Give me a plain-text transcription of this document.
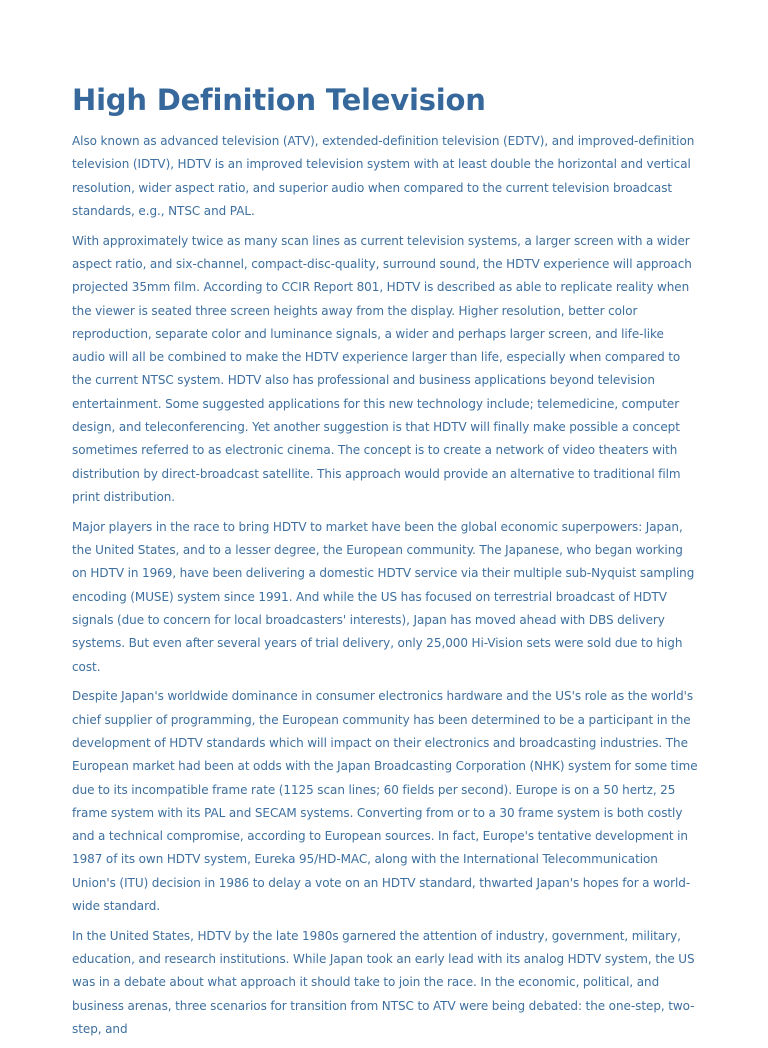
High Definition Television

Also known as advanced television (ATV), extended-definition television (EDTV), and improved-definition television (IDTV), HDTV is an improved television system with at least double the horizontal and vertical resolution, wider aspect ratio, and superior audio when compared to the current television broadcast standards, e.g., NTSC and PAL.

With approximately twice as many scan lines as current television systems, a larger screen with a wider aspect ratio, and six-channel, compact-disc-quality, surround sound, the HDTV experience will approach projected 35mm film. According to CCIR Report 801, HDTV is described as able to replicate reality when the viewer is seated three screen heights away from the display. Higher resolution, better color reproduction, separate color and luminance signals, a wider and perhaps larger screen, and life-like audio will all be combined to make the HDTV experience larger than life, especially when compared to the current NTSC system. HDTV also has professional and business applications beyond television entertainment. Some suggested applications for this new technology include; telemedicine, computer design, and teleconferencing. Yet another suggestion is that HDTV will finally make possible a concept sometimes referred to as electronic cinema. The concept is to create a network of video theaters with distribution by direct-broadcast satellite. This approach would provide an alternative to traditional film print distribution.

Major players in the race to bring HDTV to market have been the global economic superpowers: Japan, the United States, and to a lesser degree, the European community. The Japanese, who began working on HDTV in 1969, have been delivering a domestic HDTV service via their multiple sub-Nyquist sampling encoding (MUSE) system since 1991. And while the US has focused on terrestrial broadcast of HDTV signals (due to concern for local broadcasters' interests), Japan has moved ahead with DBS delivery systems. But even after several years of trial delivery, only 25,000 Hi-Vision sets were sold due to high cost.

Despite Japan's worldwide dominance in consumer electronics hardware and the US's role as the world's chief supplier of programming, the European community has been determined to be a participant in the development of HDTV standards which will impact on their electronics and broadcasting industries. The European market had been at odds with the Japan Broadcasting Corporation (NHK) system for some time due to its incompatible frame rate (1125 scan lines; 60 fields per second). Europe is on a 50 hertz, 25 frame system with its PAL and SECAM systems. Converting from or to a 30 frame system is both costly and a technical compromise, according to European sources. In fact, Europe's tentative development in 1987 of its own HDTV system, Eureka 95/HD-MAC, along with the International Telecommunication Union's (ITU) decision in 1986 to delay a vote on an HDTV standard, thwarted Japan's hopes for a world-wide standard.

In the United States, HDTV by the late 1980s garnered the attention of industry, government, military, education, and research institutions. While Japan took an early lead with its analog HDTV system, the US was in a debate about what approach it should take to join the race. In the economic, political, and business arenas, three scenarios for transition from NTSC to ATV were being debated: the one-step, two-step, and
